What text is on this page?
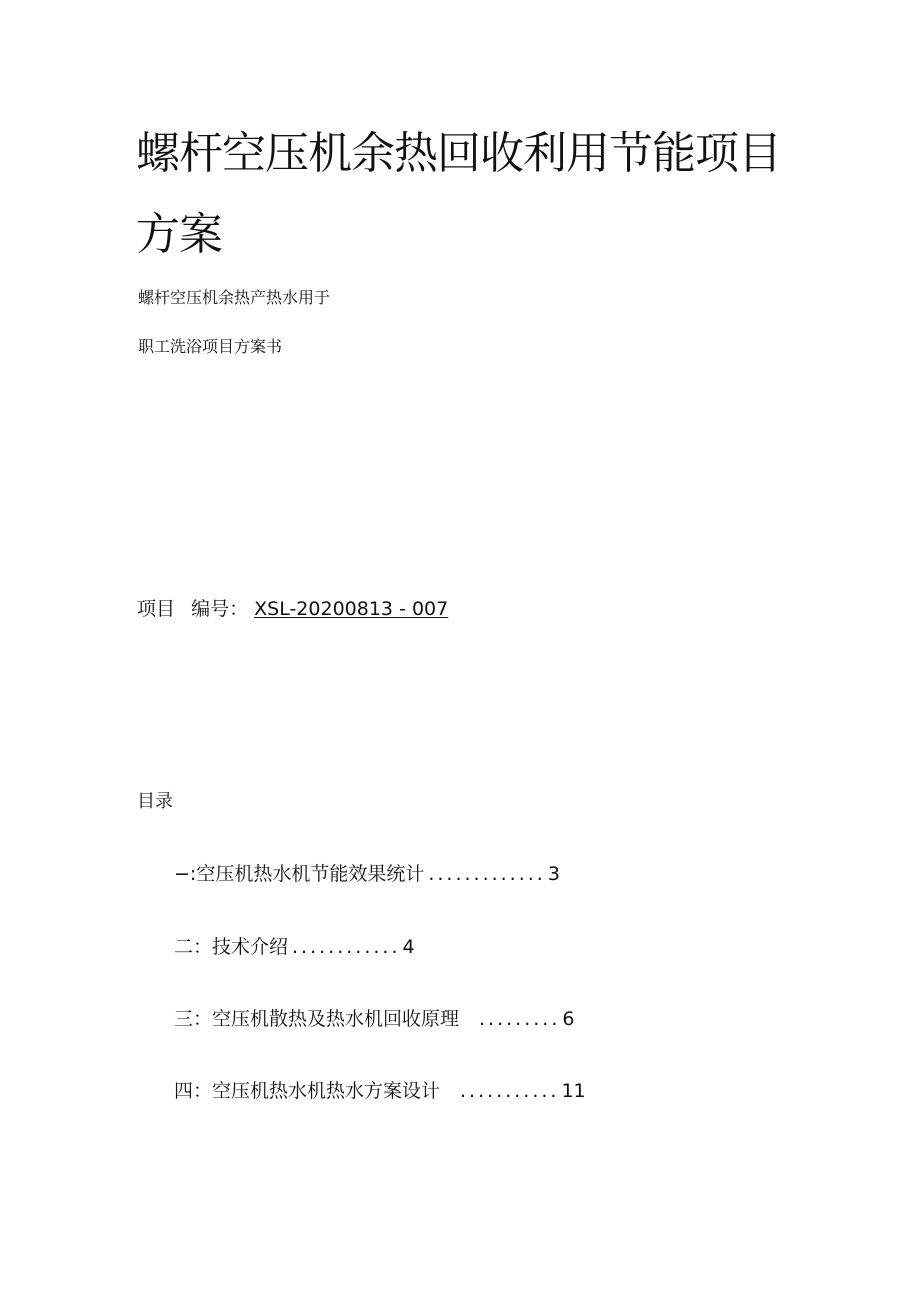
螺杆空压机余热回收利用节能项目
方案
螺杆空压机余热产热水用于
职工洗浴项目方案书
项目 编号： XSL-20200813 - 007
目录
−:空压机热水机节能效果统计 ............. 3
二：技术介绍 ............ 4
三：空压机散热及热水机回收原理 ......... 6
四：空压机热水机热水方案设计 ........... 11
